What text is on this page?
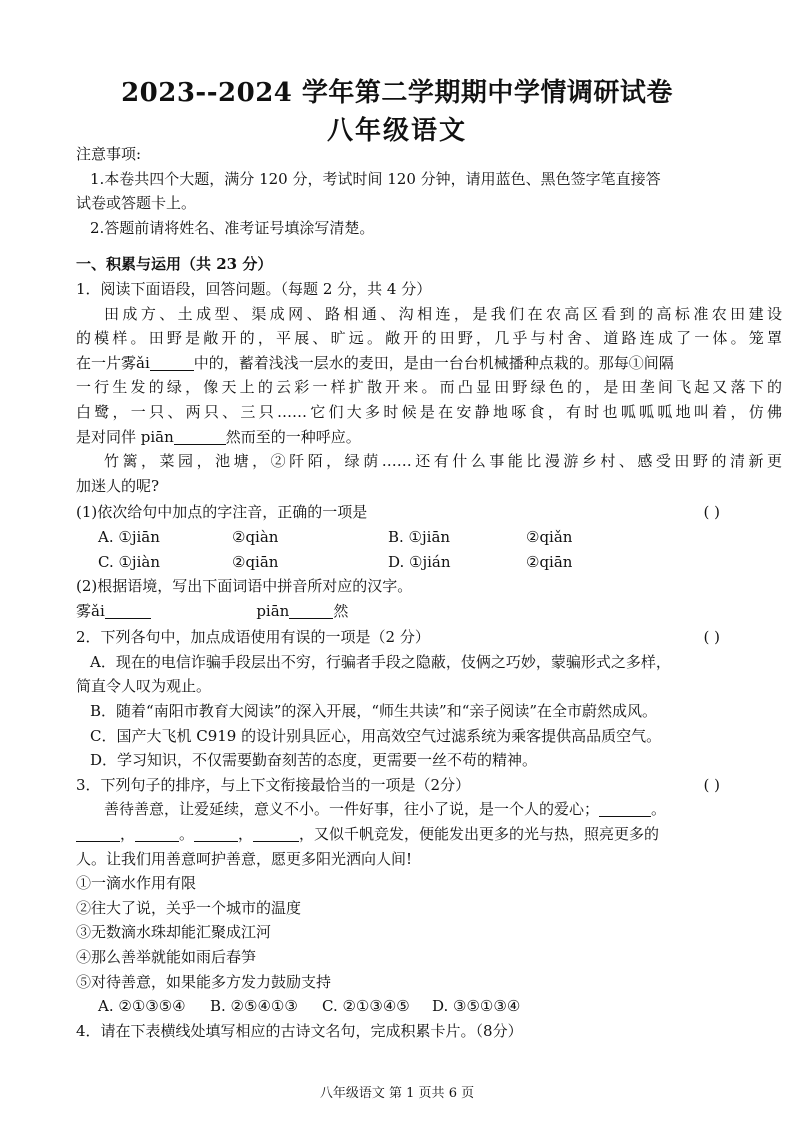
2023--2024 学年第二学期期中学情调研试卷
八年级语文
注意事项:
1.本卷共四个大题，满分 120 分，考试时间 120 分钟，请用蓝色、黑色签字笔直接答
试卷或答题卡上。
2.答题前请将姓名、准考证号填涂写清楚。
一、积累与运用（共 23 分）
1．阅读下面语段，回答问题。（每题 2 分，共 4 分）
田成方、土成型、渠成网、路相通、沟相连，是我们在农高区看到的高标准农田建设
的模样。田野是敞开的，平展、旷远。敞开的田野，几乎与村舍、道路连成了一体。笼罩
在一片雾ǎi	中的，蓄着浅浅一层水的麦田，是由一台台机械播种点栽的。那每①间隔
一行生发的绿，像天上的云彩一样扩散开来。而凸显田野绿色的，是田垄间飞起又落下的
白鹭，一只、两只、三只……它们大多时候是在安静地啄食，有时也呱呱呱地叫着，仿佛
是对同伴 piān	然而至的一种呼应。
竹篱，菜园，池塘，②阡陌，绿荫……还有什么事能比漫游乡村、感受田野的清新更
加迷人的呢?
(1)依次给句中加点的字注音，正确的一项是	( )
A. ①jiān	②qiàn	B. ①jiān	②qiǎn
C. ①jiàn	②qiān	D. ①jián	②qiān
(2)根据语境，写出下面词语中拼音所对应的汉字。
雾ǎi	piān	然
2．下列各句中，加点成语使用有误的一项是（2 分）	( )
A．现在的电信诈骗手段层出不穷，行骗者手段之隐蔽，伎俩之巧妙，蒙骗形式之多样，
简直令人叹为观止。
B．随着“南阳市教育大阅读”的深入开展，“师生共读”和“亲子阅读”在全市蔚然成风。
C．国产大飞机 C919 的设计别具匠心，用高效空气过滤系统为乘客提供高品质空气。
D．学习知识，不仅需要勤奋刻苦的态度，更需要一丝不苟的精神。
3．下列句子的排序，与上下文衔接最恰当的一项是（2分）	( )
善待善意，让爱延续，意义不小。一件好事，往小了说，是一个人的爱心；	。
，	。	，	，又似千帆竞发，便能发出更多的光与热，照亮更多的
人。让我们用善意呵护善意，愿更多阳光洒向人间!
①一滴水作用有限
②往大了说，关乎一个城市的温度
③无数滴水珠却能汇聚成江河
④那么善举就能如雨后春笋
⑤对待善意，如果能多方发力鼓励支持
A. ②①③⑤④	B. ②⑤④①③	C. ②①③④⑤	D. ③⑤①③④
4．请在下表横线处填写相应的古诗文名句，完成积累卡片。（8分）
八年级语文 第 1 页共 6 页
